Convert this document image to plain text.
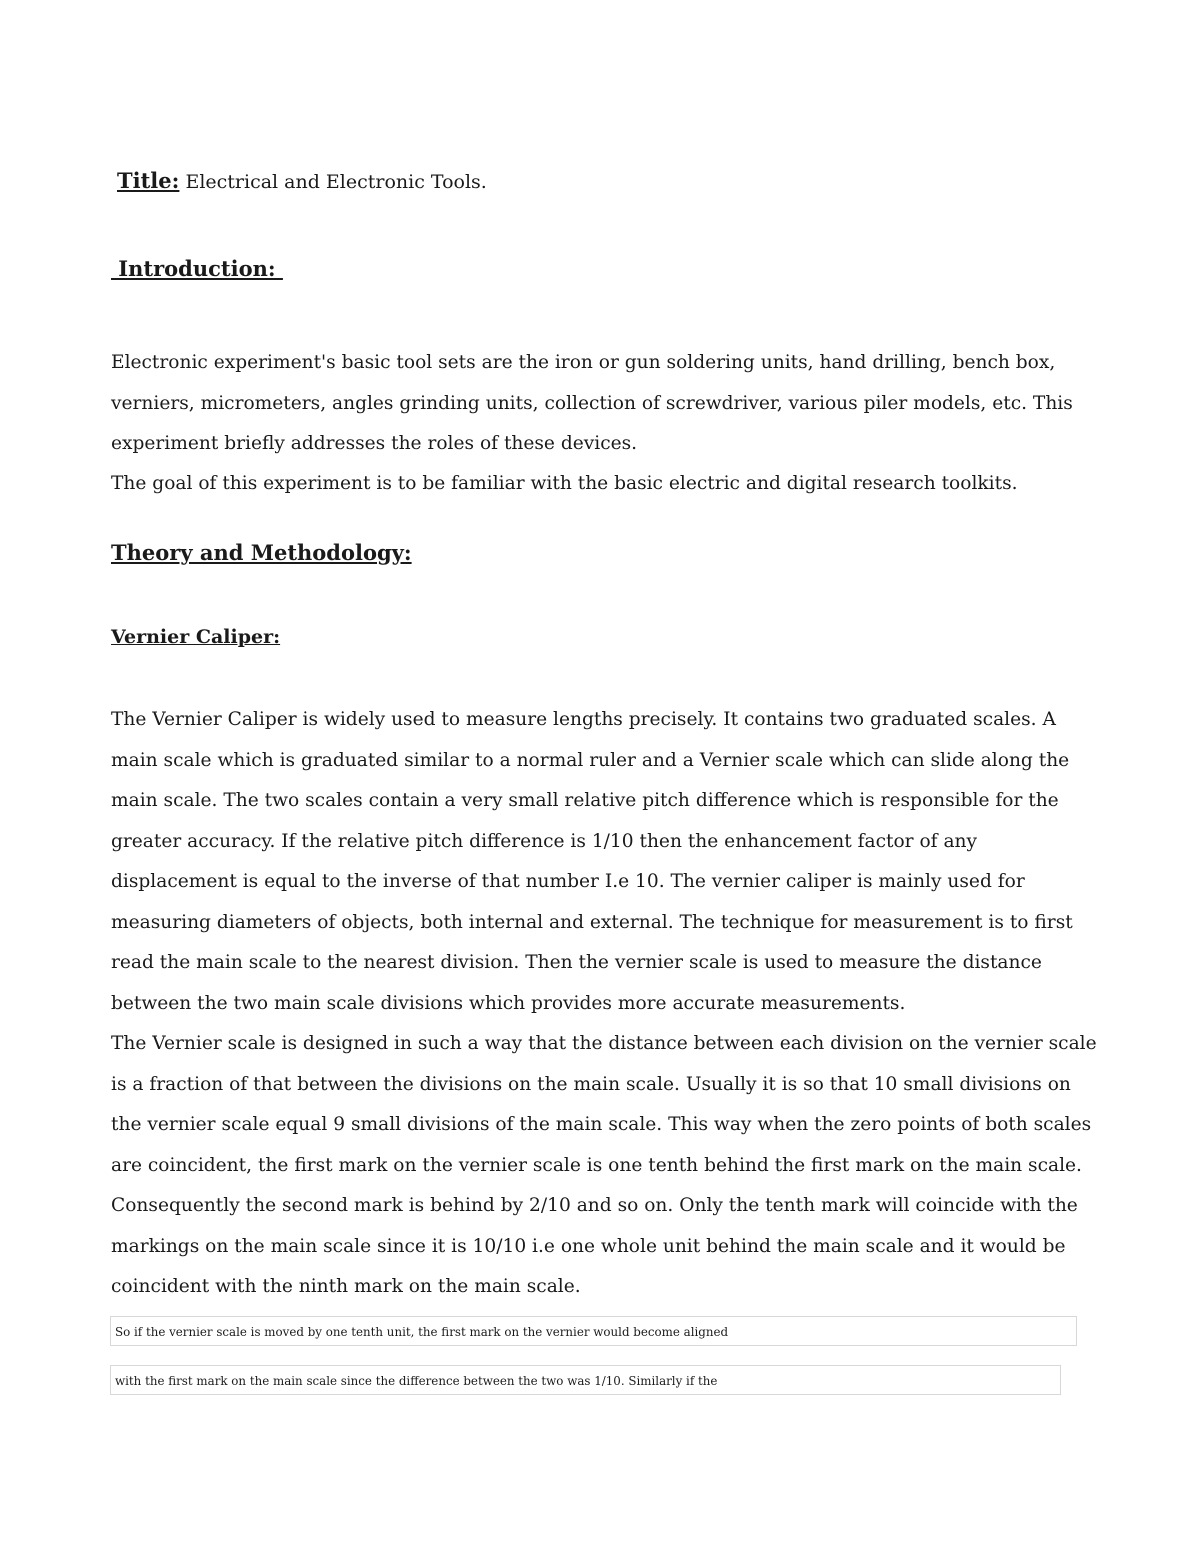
Title: Electrical and Electronic Tools.
Introduction:
Electronic experiment's basic tool sets are the iron or gun soldering units, hand drilling, bench box,
verniers, micrometers, angles grinding units, collection of screwdriver, various piler models, etc. This
experiment briefly addresses the roles of these devices.
The goal of this experiment is to be familiar with the basic electric and digital research toolkits.
Theory and Methodology:
Vernier Caliper:
The Vernier Caliper is widely used to measure lengths precisely. It contains two graduated scales. A
main scale which is graduated similar to a normal ruler and a Vernier scale which can slide along the
main scale. The two scales contain a very small relative pitch difference which is responsible for the
greater accuracy. If the relative pitch difference is 1/10 then the enhancement factor of any
displacement is equal to the inverse of that number I.e 10. The vernier caliper is mainly used for
measuring diameters of objects, both internal and external. The technique for measurement is to first
read the main scale to the nearest division. Then the vernier scale is used to measure the distance
between the two main scale divisions which provides more accurate measurements.
The Vernier scale is designed in such a way that the distance between each division on the vernier scale
is a fraction of that between the divisions on the main scale. Usually it is so that 10 small divisions on
the vernier scale equal 9 small divisions of the main scale. This way when the zero points of both scales
are coincident, the first mark on the vernier scale is one tenth behind the first mark on the main scale.
Consequently the second mark is behind by 2/10 and so on. Only the tenth mark will coincide with the
markings on the main scale since it is 10/10 i.e one whole unit behind the main scale and it would be
coincident with the ninth mark on the main scale.
So if the vernier scale is moved by one tenth unit, the first mark on the vernier would become aligned
with the first mark on the main scale since the difference between the two was 1/10. Similarly if the
